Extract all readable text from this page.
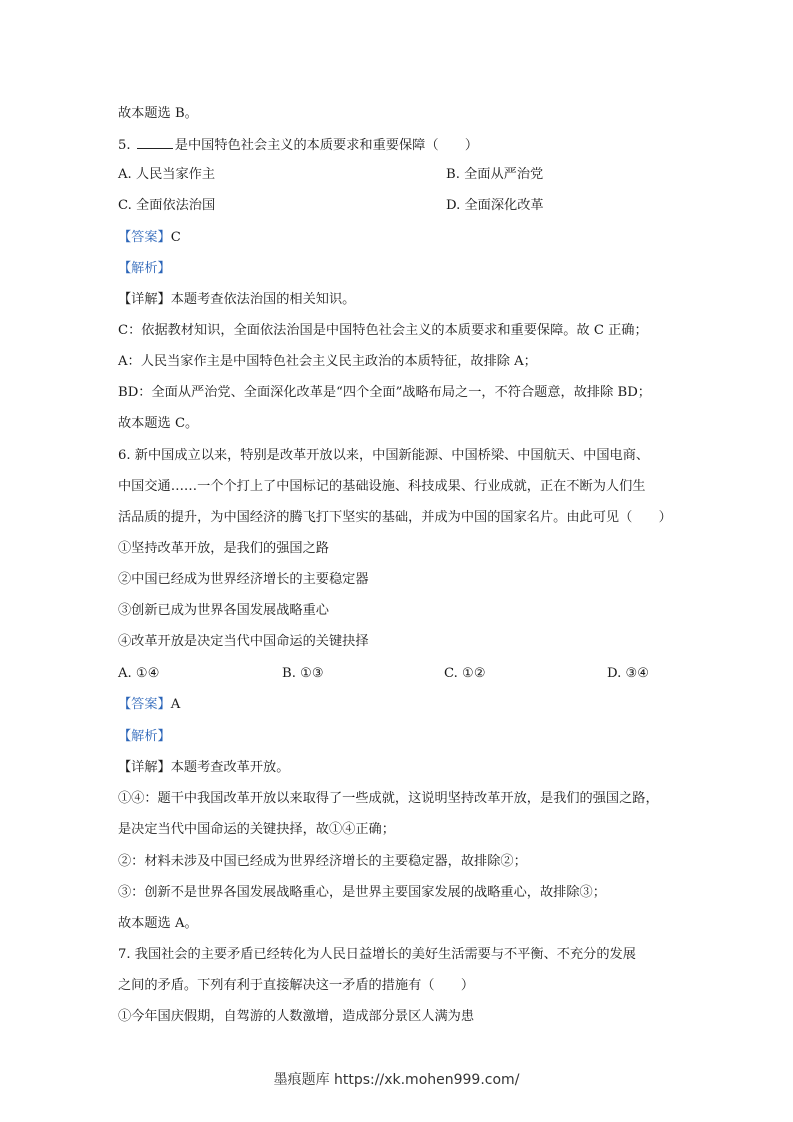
故本题选 B。
5.	是中国特色社会主义的本质要求和重要保障（　　）
A. 人民当家作主	B. 全面从严治党
C. 全面依法治国	D. 全面深化改革
【答案】C
【解析】
【详解】本题考查依法治国的相关知识。
C：依据教材知识，全面依法治国是中国特色社会主义的本质要求和重要保障。故 C 正确；
A：人民当家作主是中国特色社会主义民主政治的本质特征，故排除 A；
BD：全面从严治党、全面深化改革是“四个全面”战略布局之一，不符合题意，故排除 BD；
故本题选 C。
6. 新中国成立以来，特别是改革开放以来，中国新能源、中国桥梁、中国航天、中国电商、
中国交通……一个个打上了中国标记的基础设施、科技成果、行业成就，正在不断为人们生
活品质的提升，为中国经济的腾飞打下坚实的基础，并成为中国的国家名片。由此可见（　　）
①坚持改革开放，是我们的强国之路
②中国已经成为世界经济增长的主要稳定器
③创新已成为世界各国发展战略重心
④改革开放是决定当代中国命运的关键抉择
A. ①④	B. ①③	C. ①②	D. ③④
【答案】A
【解析】
【详解】本题考查改革开放。
①④：题干中我国改革开放以来取得了一些成就，这说明坚持改革开放，是我们的强国之路，
是决定当代中国命运的关键抉择，故①④正确；
②：材料未涉及中国已经成为世界经济增长的主要稳定器，故排除②；
③：创新不是世界各国发展战略重心，是世界主要国家发展的战略重心，故排除③；
故本题选 A。
7. 我国社会的主要矛盾已经转化为人民日益增长的美好生活需要与不平衡、不充分的发展
之间的矛盾。下列有利于直接解决这一矛盾的措施有（　　）
①今年国庆假期，自驾游的人数激增，造成部分景区人满为患
墨痕题库 https://xk.mohen999.com/
